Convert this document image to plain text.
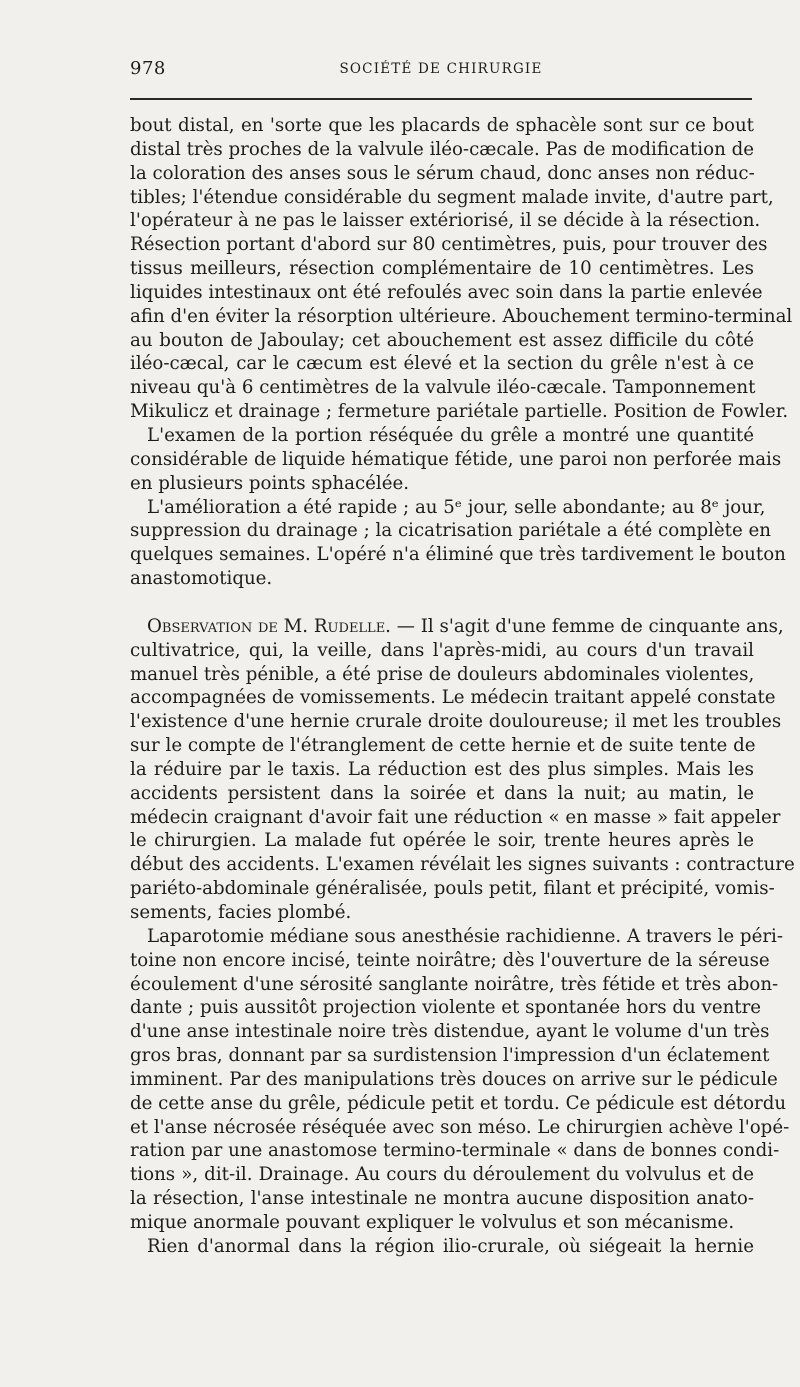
978	SOCIÉTÉ DE CHIRURGIE
bout distal, en 'sorte que les placards de sphacèle sont sur ce bout
distal très proches de la valvule iléo-cæcale. Pas de modification de
la coloration des anses sous le sérum chaud, donc anses non réduc-
tibles; l'étendue considérable du segment malade invite, d'autre part,
l'opérateur à ne pas le laisser extériorisé, il se décide à la résection.
Résection portant d'abord sur 80 centimètres, puis, pour trouver des
tissus meilleurs, résection complémentaire de 10 centimètres. Les
liquides intestinaux ont été refoulés avec soin dans la partie enlevée
afin d'en éviter la résorption ultérieure. Abouchement termino-terminal
au bouton de Jaboulay; cet abouchement est assez difficile du côté
iléo-cæcal, car le cæcum est élevé et la section du grêle n'est à ce
niveau qu'à 6 centimètres de la valvule iléo-cæcale. Tamponnement
Mikulicz et drainage ; fermeture pariétale partielle. Position de Fowler.
L'examen de la portion réséquée du grêle a montré une quantité
considérable de liquide hématique fétide, une paroi non perforée mais
en plusieurs points sphacélée.
L'amélioration a été rapide ; au 5ᵉ jour, selle abondante; au 8ᵉ jour,
suppression du drainage ; la cicatrisation pariétale a été complète en
quelques semaines. L'opéré n'a éliminé que très tardivement le bouton
anastomotique.
Observation de M. Rudelle. — Il s'agit d'une femme de cinquante ans,
cultivatrice, qui, la veille, dans l'après-midi, au cours d'un travail
manuel très pénible, a été prise de douleurs abdominales violentes,
accompagnées de vomissements. Le médecin traitant appelé constate
l'existence d'une hernie crurale droite douloureuse; il met les troubles
sur le compte de l'étranglement de cette hernie et de suite tente de
la réduire par le taxis. La réduction est des plus simples. Mais les
accidents persistent dans la soirée et dans la nuit; au matin, le
médecin craignant d'avoir fait une réduction « en masse » fait appeler
le chirurgien. La malade fut opérée le soir, trente heures après le
début des accidents. L'examen révélait les signes suivants : contracture
pariéto-abdominale généralisée, pouls petit, filant et précipité, vomis-
sements, facies plombé.
Laparotomie médiane sous anesthésie rachidienne. A travers le péri-
toine non encore incisé, teinte noirâtre; dès l'ouverture de la séreuse
écoulement d'une sérosité sanglante noirâtre, très fétide et très abon-
dante ; puis aussitôt projection violente et spontanée hors du ventre
d'une anse intestinale noire très distendue, ayant le volume d'un très
gros bras, donnant par sa surdistension l'impression d'un éclatement
imminent. Par des manipulations très douces on arrive sur le pédicule
de cette anse du grêle, pédicule petit et tordu. Ce pédicule est détordu
et l'anse nécrosée réséquée avec son méso. Le chirurgien achève l'opé-
ration par une anastomose termino-terminale « dans de bonnes condi-
tions », dit-il. Drainage. Au cours du déroulement du volvulus et de
la résection, l'anse intestinale ne montra aucune disposition anato-
mique anormale pouvant expliquer le volvulus et son mécanisme.
Rien d'anormal dans la région ilio-crurale, où siégeait la hernie
